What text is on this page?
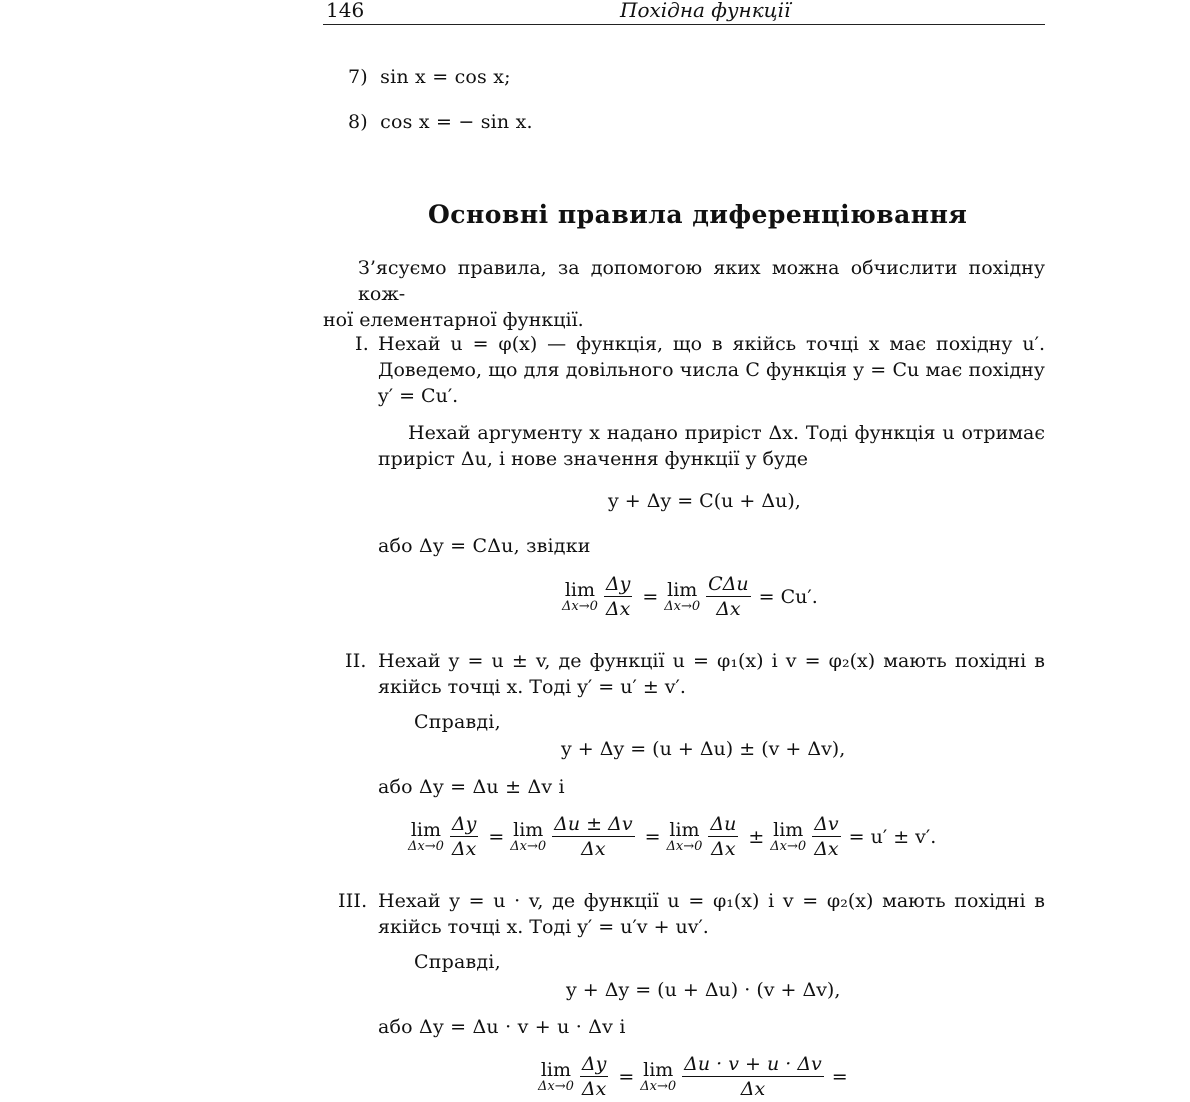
146	Похідна функції
7) sin x = cos x;
8) cos x = − sin x.
Основні правила диференціювання
З’ясуємо правила, за допомогою яких можна обчислити похідну кож-
ної елементарної функції.
I. Нехай u = φ(x) — функція, що в якійсь точці x має похідну u′.
Доведемо, що для довільного числа C функція y = Cu має похідну
y′ = Cu′.
Нехай аргументу x надано приріст Δx. Тоді функція u отримає
приріст Δu, і нове значення функції y буде
y + Δy = C(u + Δu),
або Δy = CΔu, звідки
lim
$\Delta x\to 0 \frac{\Delta y}{\Delta x} = \lim$
$\Delta x\to 0 \frac{\text{CΔu}}{\Delta x} = Cu'$.
II. Нехай y = u ± v, де функції u = φ₁(x) і v = φ₂(x) мають похідні в
якійсь точці x. Тоді y′ = u′ ± v′.
Справді,
y + Δy = (u + Δu) ± (v + Δv),
або Δy = Δu ± Δv і
lim
$\Delta x\to 0 \frac{\Delta y}{\Delta x} = \lim$
$\Delta x\to 0 \frac{\Delta u \pm \Delta v}{\Delta x} = \lim$
$\Delta x\to 0 \frac{\Delta u}{\Delta x} \pm \lim$
$\Delta x\to 0 \frac{\Delta v}{\Delta x} = u' \pm v'$.
III. Нехай y = u · v, де функції u = φ₁(x) і v = φ₂(x) мають похідні в
якійсь точці x. Тоді y′ = u′v + uv′.
Справді,
y + Δy = (u + Δu) · (v + Δv),
або Δy = Δu · v + u · Δv і
lim
$\Delta x\to 0 \frac{\Delta y}{\Delta x} = \lim$
$\Delta x\to 0 \frac{\Delta u \cdot v + u \cdot \Delta v}{\Delta x}$ =
